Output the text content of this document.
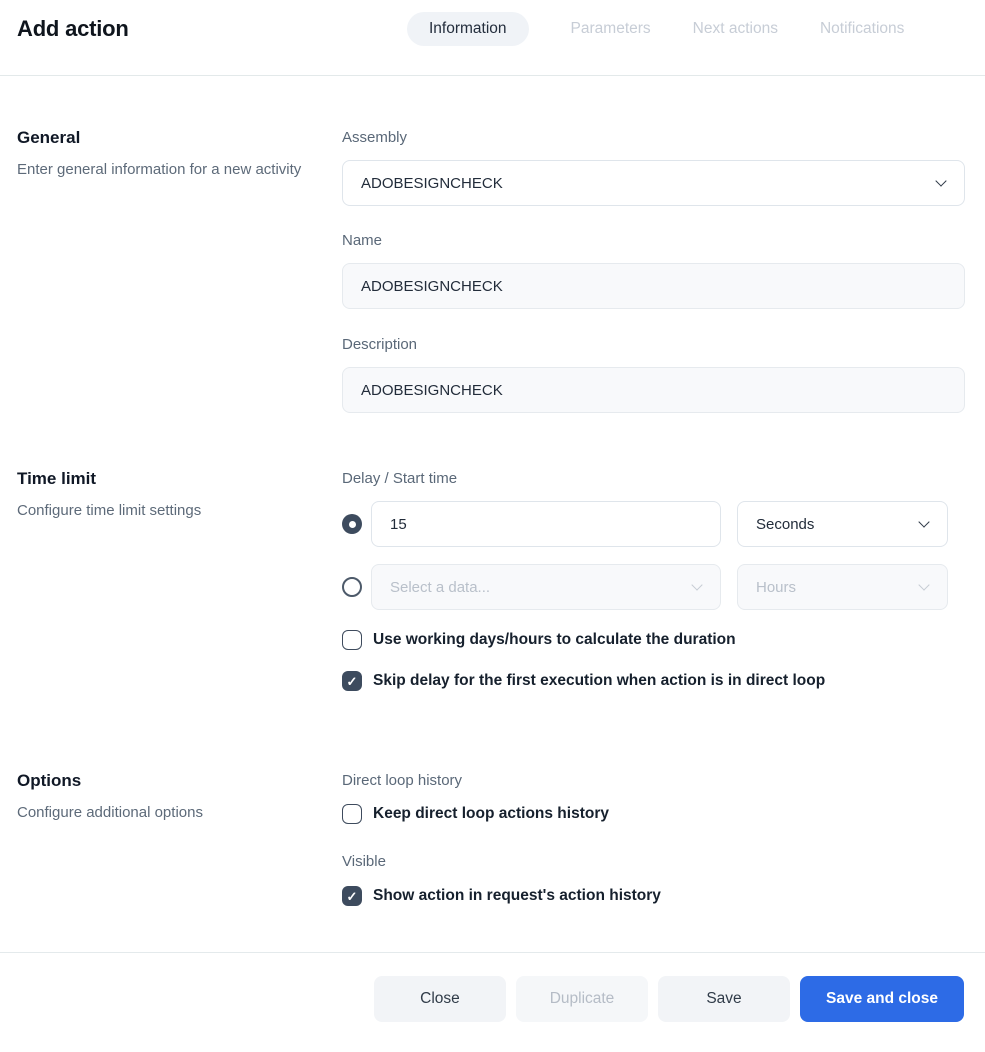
Add action	Information	Parameters	Next actions	Notifications
General
Enter general information for a new activity
Assembly
ADOBESIGNCHECK
Name
ADOBESIGNCHECK
Description
ADOBESIGNCHECK
Time limit
Configure time limit settings
Delay / Start time
15
Seconds
Select a data...	Hours
Use working days/hours to calculate the duration
✓
Skip delay for the first execution when action is in direct loop
Options
Configure additional options
Direct loop history
Keep direct loop actions history
Visible
✓
Show action in request's action history
Close	Duplicate	Save	Save and close
